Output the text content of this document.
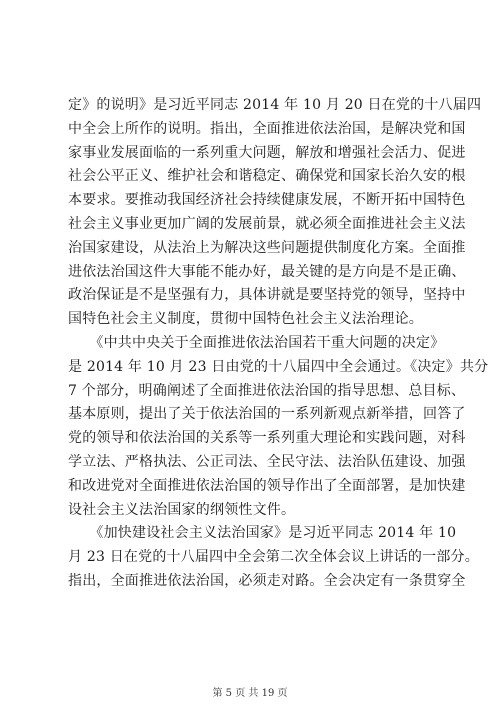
定》的说明》是习近平同志 2014 年 10 月 20 日在党的十八届四
中全会上所作的说明。指出，全面推进依法治国，是解决党和国
家事业发展面临的一系列重大问题，解放和增强社会活力、促进
社会公平正义、维护社会和谐稳定、确保党和国家长治久安的根
本要求。要推动我国经济社会持续健康发展，不断开拓中国特色
社会主义事业更加广阔的发展前景，就必须全面推进社会主义法
治国家建设，从法治上为解决这些问题提供制度化方案。全面推
进依法治国这件大事能不能办好，最关键的是方向是不是正确、
政治保证是不是坚强有力，具体讲就是要坚持党的领导，坚持中
国特色社会主义制度，贯彻中国特色社会主义法治理论。
　　《中共中央关于全面推进依法治国若干重大问题的决定》
是 2014 年 10 月 23 日由党的十八届四中全会通过。《决定》共分
7 个部分，明确阐述了全面推进依法治国的指导思想、总目标、
基本原则，提出了关于依法治国的一系列新观点新举措，回答了
党的领导和依法治国的关系等一系列重大理论和实践问题，对科
学立法、严格执法、公正司法、全民守法、法治队伍建设、加强
和改进党对全面推进依法治国的领导作出了全面部署，是加快建
设社会主义法治国家的纲领性文件。
　　《加快建设社会主义法治国家》是习近平同志 2014 年 10
月 23 日在党的十八届四中全会第二次全体会议上讲话的一部分。
指出，全面推进依法治国，必须走对路。全会决定有一条贯穿全
第 5 页 共 19 页
